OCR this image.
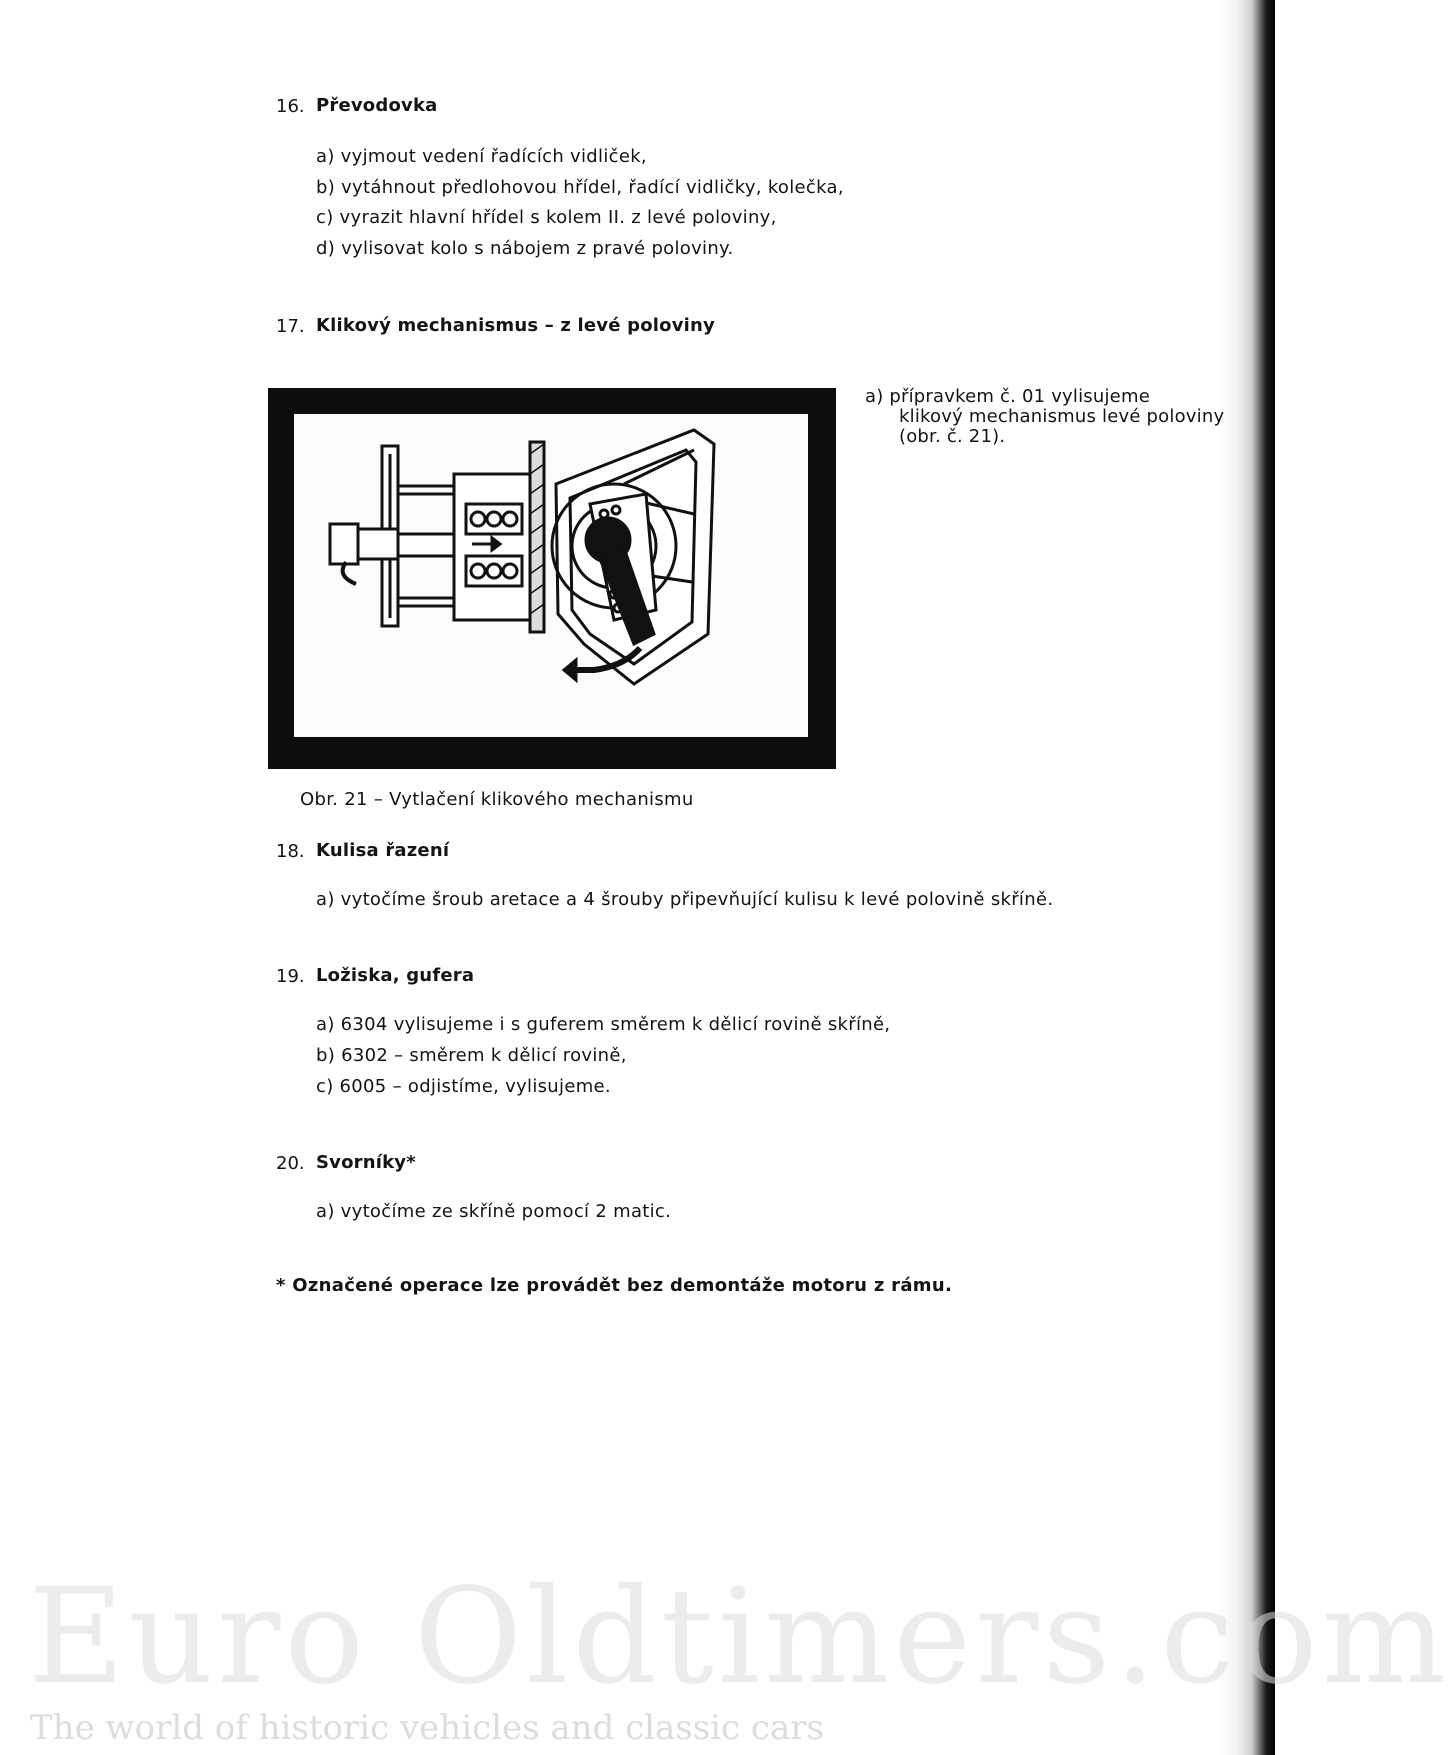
16. Převodovka
a) vyjmout vedení řadících vidliček,
b) vytáhnout předlohovou hřídel, řadící vidličky, kolečka,
c) vyrazit hlavní hřídel s kolem II. z levé poloviny,
d) vylisovat kolo s nábojem z pravé poloviny.
17. Klikový mechanismus – z levé poloviny
a) přípravkem č. 01 vylisujeme
klikový mechanismus levé poloviny
(obr. č. 21).
Obr. 21 – Vytlačení klikového mechanismu
18. Kulisa řazení
a) vytočíme šroub aretace a 4 šrouby připevňující kulisu k levé polovině skříně.
19. Ložiska, gufera
a) 6304 vylisujeme i s guferem směrem k dělicí rovině skříně,
b) 6302 – směrem k dělicí rovině,
c) 6005 – odjistíme, vylisujeme.
20. Svorníky*
a) vytočíme ze skříně pomocí 2 matic.
* Označené operace lze provádět bez demontáže motoru z rámu.
Euro Oldtimers.com
The world of historic vehicles and classic cars
